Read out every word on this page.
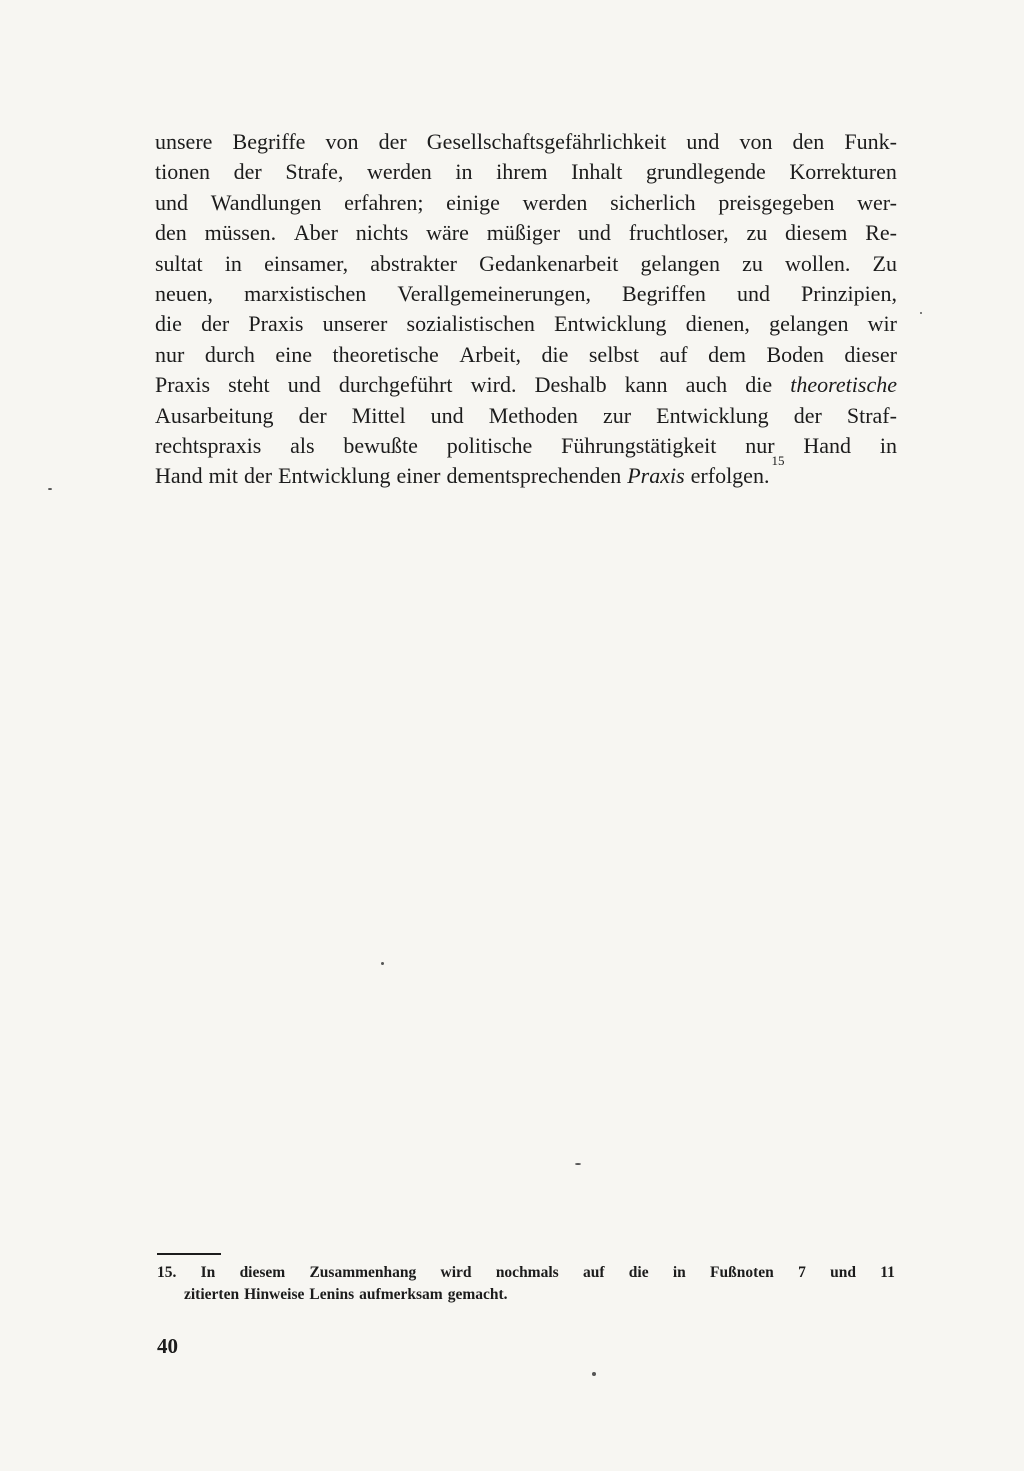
unsere Begriffe von der Gesellschaftsgefährlichkeit und von den Funk-
tionen der Strafe, werden in ihrem Inhalt grundlegende Korrekturen
und Wandlungen erfahren; einige werden sicherlich preisgegeben wer-
den müssen. Aber nichts wäre müßiger und fruchtloser, zu diesem Re-
sultat in einsamer, abstrakter Gedankenarbeit gelangen zu wollen. Zu
neuen, marxistischen Verallgemeinerungen, Begriffen und Prinzipien,
die der Praxis unserer sozialistischen Entwicklung dienen, gelangen wir
nur durch eine theoretische Arbeit, die selbst auf dem Boden dieser
Praxis steht und durchgeführt wird. Deshalb kann auch die theoretische
Ausarbeitung der Mittel und Methoden zur Entwicklung der Straf-
rechtspraxis als bewußte politische Führungstätigkeit nur Hand in
Hand mit der Entwicklung einer dementsprechenden Praxis erfolgen.
15
15. In diesem Zusammenhang wird nochmals auf die in Fußnoten 7 und 11
zitierten Hinweise Lenins aufmerksam gemacht.
40
